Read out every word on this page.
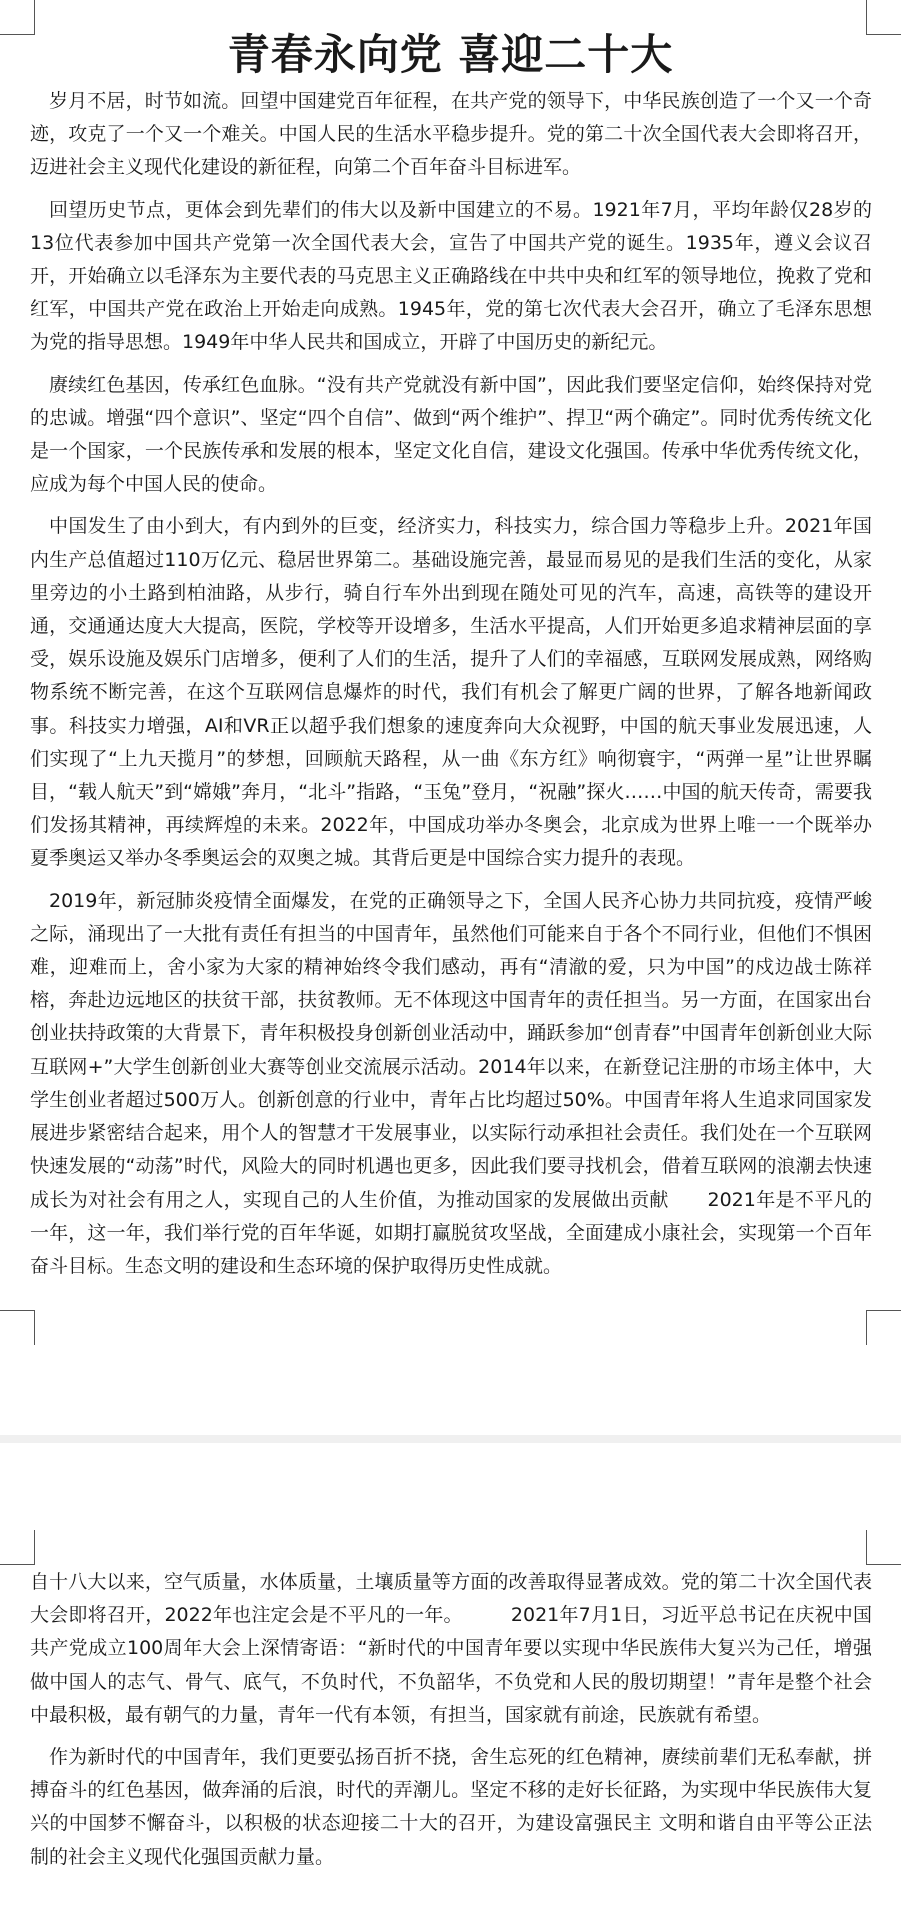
青春永向党 喜迎二十大

岁月不居，时节如流。回望中国建党百年征程，在共产党的领导下，中华民族创造了一个又一个奇迹，攻克了一个又一个难关。中国人民的生活水平稳步提升。党的第二十次全国代表大会即将召开，迈进社会主义现代化建设的新征程，向第二个百年奋斗目标进军。

回望历史节点，更体会到先辈们的伟大以及新中国建立的不易。1921年7月，平均年龄仅28岁的13位代表参加中国共产党第一次全国代表大会，宣告了中国共产党的诞生。1935年，遵义会议召开，开始确立以毛泽东为主要代表的马克思主义正确路线在中共中央和红军的领导地位，挽救了党和红军，中国共产党在政治上开始走向成熟。1945年，党的第七次代表大会召开，确立了毛泽东思想为党的指导思想。1949年中华人民共和国成立，开辟了中国历史的新纪元。

赓续红色基因，传承红色血脉。“没有共产党就没有新中国”，因此我们要坚定信仰，始终保持对党的忠诚。增强“四个意识”、坚定“四个自信”、做到“两个维护”、捍卫“两个确定”。同时优秀传统文化是一个国家，一个民族传承和发展的根本，坚定文化自信，建设文化强国。传承中华优秀传统文化，应成为每个中国人民的使命。

中国发生了由小到大，有内到外的巨变，经济实力，科技实力，综合国力等稳步上升。2021年国内生产总值超过110万亿元、稳居世界第二。基础设施完善，最显而易见的是我们生活的变化，从家里旁边的小土路到柏油路，从步行，骑自行车外出到现在随处可见的汽车，高速，高铁等的建设开通，交通通达度大大提高，医院，学校等开设增多，生活水平提高，人们开始更多追求精神层面的享受，娱乐设施及娱乐门店增多，便利了人们的生活，提升了人们的幸福感，互联网发展成熟，网络购物系统不断完善，在这个互联网信息爆炸的时代，我们有机会了解更广阔的世界，了解各地新闻政事。科技实力增强，AI和VR正以超乎我们想象的速度奔向大众视野，中国的航天事业发展迅速，人们实现了“上九天揽月”的梦想，回顾航天路程，从一曲《东方红》响彻寰宇，“两弹一星”让世界瞩目，“载人航天”到“嫦娥”奔月，“北斗”指路，“玉兔”登月，“祝融”探火……中国的航天传奇，需要我们发扬其精神，再续辉煌的未来。2022年，中国成功举办冬奥会，北京成为世界上唯一一个既举办夏季奥运又举办冬季奥运会的双奥之城。其背后更是中国综合实力提升的表现。

2019年，新冠肺炎疫情全面爆发，在党的正确领导之下，全国人民齐心协力共同抗疫，疫情严峻之际，涌现出了一大批有责任有担当的中国青年，虽然他们可能来自于各个不同行业，但他们不惧困难，迎难而上，舍小家为大家的精神始终令我们感动，再有“清澈的爱，只为中国”的戍边战士陈祥榕，奔赴边远地区的扶贫干部，扶贫教师。无不体现这中国青年的责任担当。另一方面，在国家出台创业扶持政策的大背景下，青年积极投身创新创业活动中，踊跃参加“创青春”中国青年创新创业大际互联网+”大学生创新创业大赛等创业交流展示活动。2014年以来，在新登记注册的市场主体中，大学生创业者超过500万人。创新创意的行业中，青年占比均超过50%。中国青年将人生追求同国家发展进步紧密结合起来，用个人的智慧才干发展事业，以实际行动承担社会责任。我们处在一个互联网快速发展的“动荡”时代，风险大的同时机遇也更多，因此我们要寻找机会，借着互联网的浪潮去快速成长为对社会有用之人，实现自己的人生价值，为推动国家的发展做出贡献　　2021年是不平凡的一年，这一年，我们举行党的百年华诞，如期打赢脱贫攻坚战，全面建成小康社会，实现第一个百年奋斗目标。生态文明的建设和生态环境的保护取得历史性成就。

自十八大以来，空气质量，水体质量，土壤质量等方面的改善取得显著成效。党的第二十次全国代表大会即将召开，2022年也注定会是不平凡的一年。　　　2021年7月1日，习近平总书记在庆祝中国共产党成立100周年大会上深情寄语：“新时代的中国青年要以实现中华民族伟大复兴为己任，增强做中国人的志气、骨气、底气，不负时代，不负韶华，不负党和人民的殷切期望！”青年是整个社会中最积极，最有朝气的力量，青年一代有本领，有担当，国家就有前途，民族就有希望。

作为新时代的中国青年，我们更要弘扬百折不挠，舍生忘死的红色精神，赓续前辈们无私奉献，拼搏奋斗的红色基因，做奔涌的后浪，时代的弄潮儿。坚定不移的走好长征路，为实现中华民族伟大复兴的中国梦不懈奋斗，以积极的状态迎接二十大的召开，为建设富强民主 文明和谐自由平等公正法制的社会主义现代化强国贡献力量。
